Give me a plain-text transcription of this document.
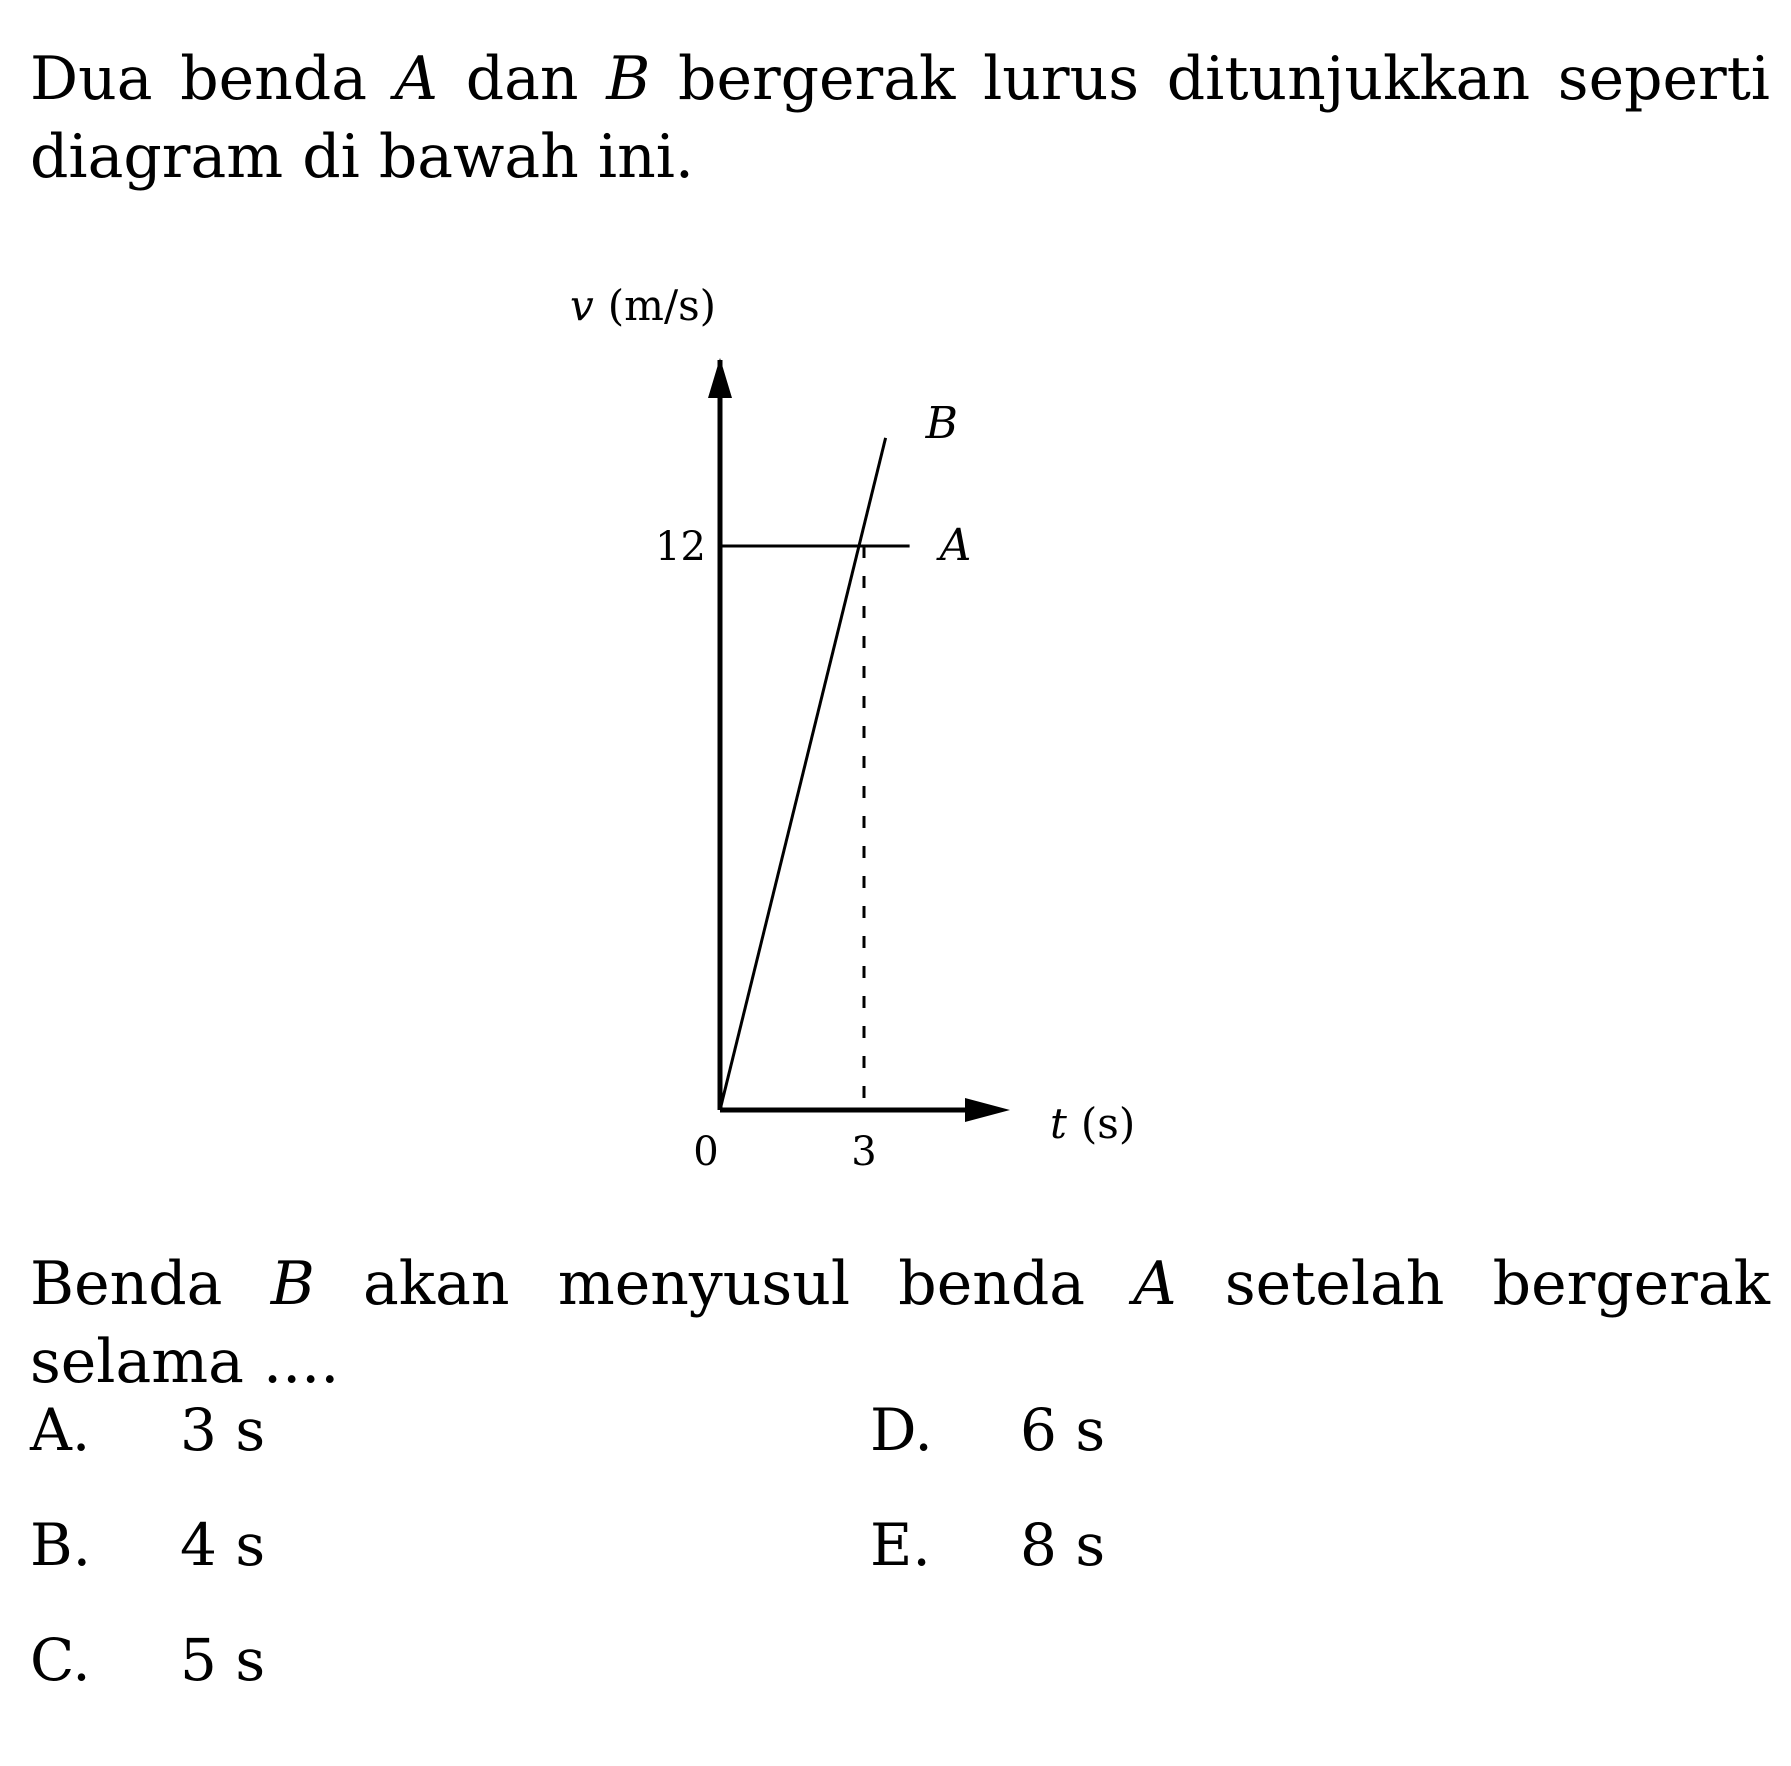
Dua benda A dan B bergerak lurus ditunjukkan seperti diagram di bawah ini.
A
B
v (m/s)
t (s)
12
3
0
Benda B akan menyusul benda A setelah bergerak selama ....
A. 3 s
B. 4 s
C. 5 s
D. 6 s
E. 8 s
